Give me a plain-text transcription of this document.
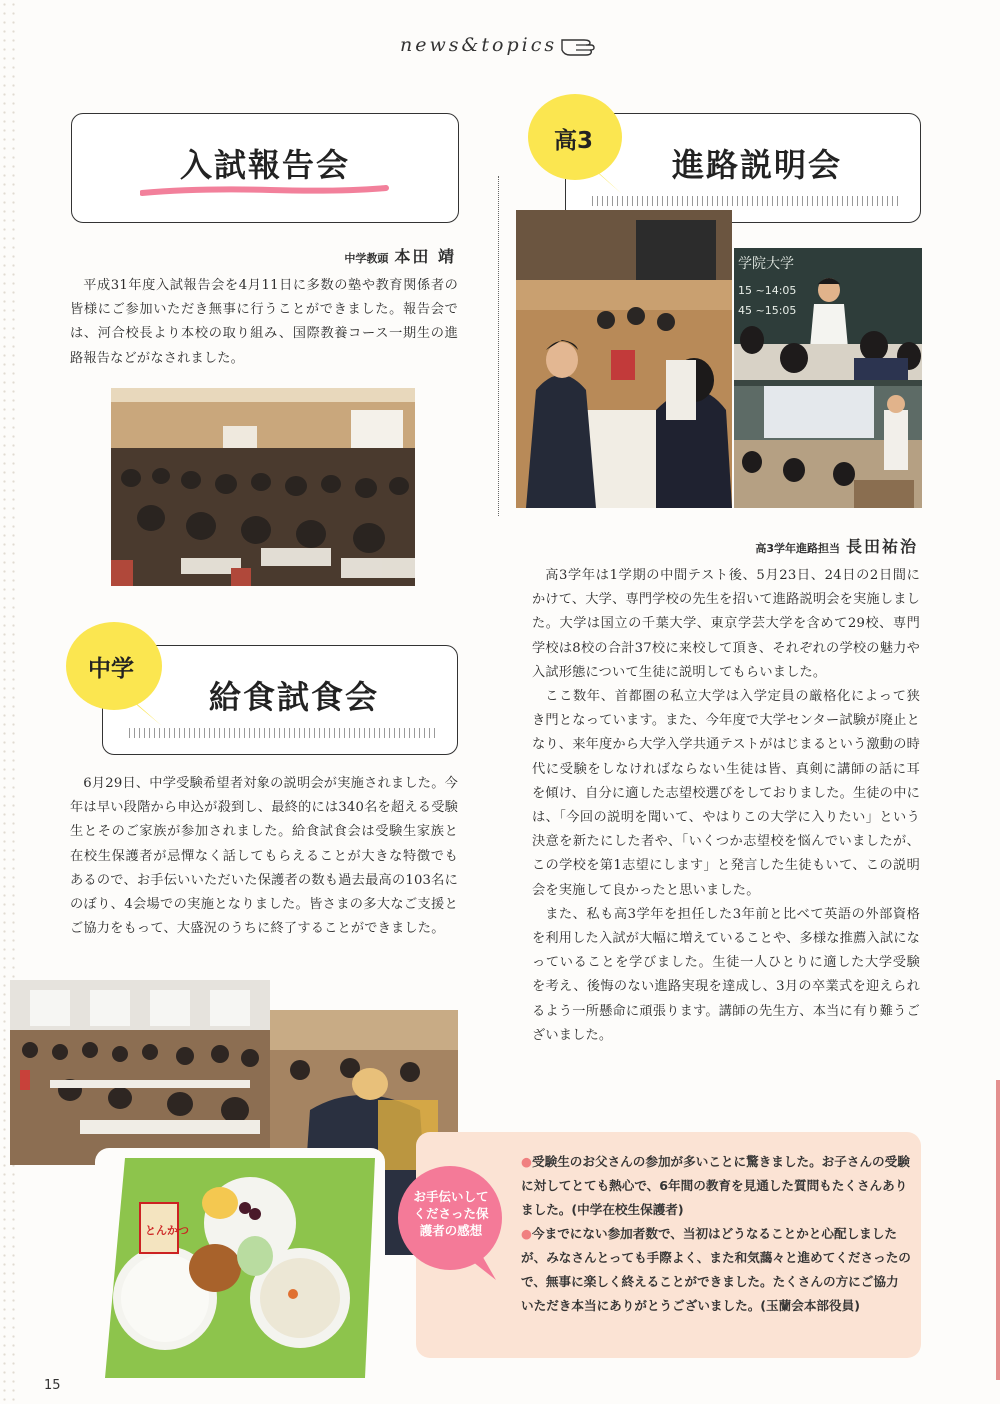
news&topics
入試報告会
中学教頭 本田 靖

平成31年度入試報告会を4月11日に多数の塾や教育関係者の皆様にご参加いただき無事に行うことができました。報告会では、河合校長より本校の取り組み、国際教養コース一期生の進路報告などがなされました。

給食試食会
中学

6月29日、中学受験希望者対象の説明会が実施されました。今年は早い段階から申込が殺到し、最終的には340名を超える受験生とそのご家族が参加されました。給食試食会は受験生家族と在校生保護者が忌憚なく話してもらえることが大きな特徴でもあるので、お手伝いいただいた保護者の数も過去最高の103名にのぼり、4会場での実施となりました。皆さまの多大なご支援とご協力をもって、大盛況のうちに終了することができました。

とんかつ
進路説明会
高3
学院大学
15 ~14:05
45 ~15:05
高3学年進路担当 長田祐治

高3学年は1学期の中間テスト後、5月23日、24日の2日間にかけて、大学、専門学校の先生を招いて進路説明会を実施しました。大学は国立の千葉大学、東京学芸大学を含めて29校、専門学校は8校の合計37校に来校して頂き、それぞれの学校の魅力や入試形態について生徒に説明してもらいました。

ここ数年、首都圏の私立大学は入学定員の厳格化によって狭き門となっています。また、今年度で大学センター試験が廃止となり、来年度から大学入学共通テストがはじまるという激動の時代に受験をしなければならない生徒は皆、真剣に講師の話に耳を傾け、自分に適した志望校選びをしておりました。生徒の中には、「今回の説明を聞いて、やはりこの大学に入りたい」という決意を新たにした者や、「いくつか志望校を悩んでいましたが、この学校を第1志望にします」と発言した生徒もいて、この説明会を実施して良かったと思いました。

また、私も高3学年を担任した3年前と比べて英語の外部資格を利用した入試が大幅に増えていることや、多様な推薦入試になっていることを学びました。生徒一人ひとりに適した大学受験を考え、後悔のない進路実現を達成し、3月の卒業式を迎えられるよう一所懸命に頑張ります。講師の先生方、本当に有り難うございました。

●受験生のお父さんの参加が多いことに驚きました。お子さんの受験に対してとても熱心で、6年間の教育を見通した質問もたくさんありました。(中学在校生保護者)

●今までにない参加者数で、当初はどうなることかと心配しましたが、みなさんとっても手際よく、また和気藹々と進めてくださったので、無事に楽しく終えることができました。たくさんの方にご協力いただき本当にありがとうございました。(玉蘭会本部役員)

お手伝いしてくださった保護者の感想
15
